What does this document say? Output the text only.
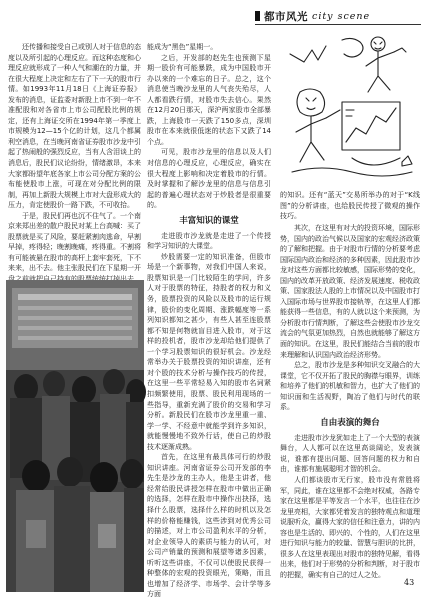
都市风光 city scene

还传播和接受自己或别人对于信息的态度以及所引起的心理反应。而这种态度和心理反应就形成了一种人气和潮在的力量，并在很大程度上决定和左右了下一天的股市行情。如1993年11月18日《上海证券报》发布的消息，证监委对新股上市不到一年不准配股和对各省市上市公司配股比例的规定，还有上海证交所在1994年第一季度上市规模为12—15个亿的计划，这几个都属利空消息，在当晚河南省证券股市沙龙中引起了热闹般的强烈反应，当有人含泪谈上的消息后，股民们议论纷纷，情绪激昂，本来大家都盼望年底各家上市公司分配方案的公布能使股市上涨，可现在对分配比例的限制，再加上新股大规模上市对大盘形成大的压力，肯定使股价一路下跌，不可收拾。

于是，股民们再也沉不住气了。一个南京来郑出差的散户股民对某上台高喊：买了股票就是买了风险，要赶紧割肉逃命，早割早掉，疼得轻；晚割晚痛，疼得重。不割将有可能被悬在股市的高杆上套牢套死，下不来来，出不去。他主张股民们在下星期一开

能成为“黑色”星期一。

之后，开发部的赵先生也预测下星期一股价有可能暴跌，成为中国股市开办以来的一个难忘的日子。总之，这个消息使当晚沙龙里的人气丧失殆尽，人人都看跌行情，对股市失去信心。果然在12月20日那天，深沪两家股市全部暴跌，上海股市一天跌了150多点，深圳股市在本来就很低迷的状态下又跌了14个点。

可见，股市沙龙里的信息以及人们对信息的心理反应，心理反应，确实在很大程度上影响和决定着股市的行情。及时掌握和了解沙龙里的信息与信息引起的普遍心理状态对于炒股者是很重要的。

丰富知识的课堂

走进股市沙龙就是走进了一个传授和学习知识的大课堂。

炒股需要一定的知识准备，但股市场是一个新事物，对我们中国人来说，股票知识是一门比较陌生的学问，许多人对于股票的特征，持股者的权力和义务，股票投资的风险以及股市的运行规律，股价的变化周期、涨跌幅度等一系列知识都知之甚少，有些人甚至连股票都不知是何物就盲目进入股市，对于这样的投机者，股市沙龙却给他们提供了一个学习股票知识的很好机会。沙龙经常举办关于股票投资的知识讲座，还有对个股的技术分析与操作技巧的传授，在这里一些平常轻易入知的股市名词紧扣频繁使用，股票、股民利用现场的一些指导，重新充满了股价的交易和学习分析。新股民们在股市沙龙里重一重、学一学、不经意中就能学到许多知识，就能慢慢地不致外行话，使自己的炒股技术逐渐成熟。

首先，在这里有最具体可行的炒股知识讲座。河南省证券公司开发部的李先生是沙龙的主办人，他是主讲者，他经常给股民讲授怎样在股市中做出正确的选择，怎样在股市中操作出抉择，选择什么股票，选择什么样的时机以及怎样的价格能赚钱，这些涉到对优秀公司的描述，对上市公司盈利水平的分析，对企业领导人的素质与能力的认可，对公司产销量的预测和展望等诸多因素，听听这些讲座，不仅可以使股民获得一种整体的宏观的投资眼光，策略，而且也增加了经济学、市场学、会计学等多方面

的知识。还有“蓝天”交易所举办的对于“K线图”的分析讲座，也给股民传授了微观的操作技巧。

其次，在这里有对大的投资环境，国际形势，国内的政治气候以及国家的宏观经济政策的了解和把握。由于对股市行情的分析要考虑国际国内政治和经济的多种因素，因此股市沙龙对这些方面都比较敏感，国际形势的变化，国内的改革开放政策、经济发展速度、税收政策、国家股法人股的上市情况以及中国股市打入国际市场与世界股市接轨等，在这里人们都能获得一些信息，有的人就以这个来预测，为分析股市行情判断，了解这些会使股市沙龙交流会的气氛更加热烈，自然也就能够了解这方面的知识。在这里，股民们能结合当前的股市来理解和认识国内政治经济形势。

总之，股市沙龙是多种知识交叉融合的大课堂，它不仅开拓了股民的胸襟与眼界，训练和培养了他们的机敏和智力，也扩大了他们的知识面和生活视野，陶冶了他们与时代的联系。

自由表演的舞台

走进股市沙龙犹如走上了一个大型的表演舞台，人人都可以在这里高谈阔论，发表演说，谁都有提出问题、回答问题的权力和自由，谁都有施展聪明才智的机会。

人们都谈股市无行家，股市没有常胜将军，同此，谁在这里都不会绝对权威，各路专家在这里都是平等发言一个水平，也往往在沙龙里亮相，大家都凭着发言的独特观点和道理说服听众，赢得大家的信任和注意力，讲的内容也是生活的、即兴的、个性的，人们在这里进行知识与能力的较量、智慧与胆识的比拼，很多人在这里表现出对股市的独特见解，看得出来，他们对于形势的分析和判断，对于股市的把握，确实有自己的过人之处。

43
